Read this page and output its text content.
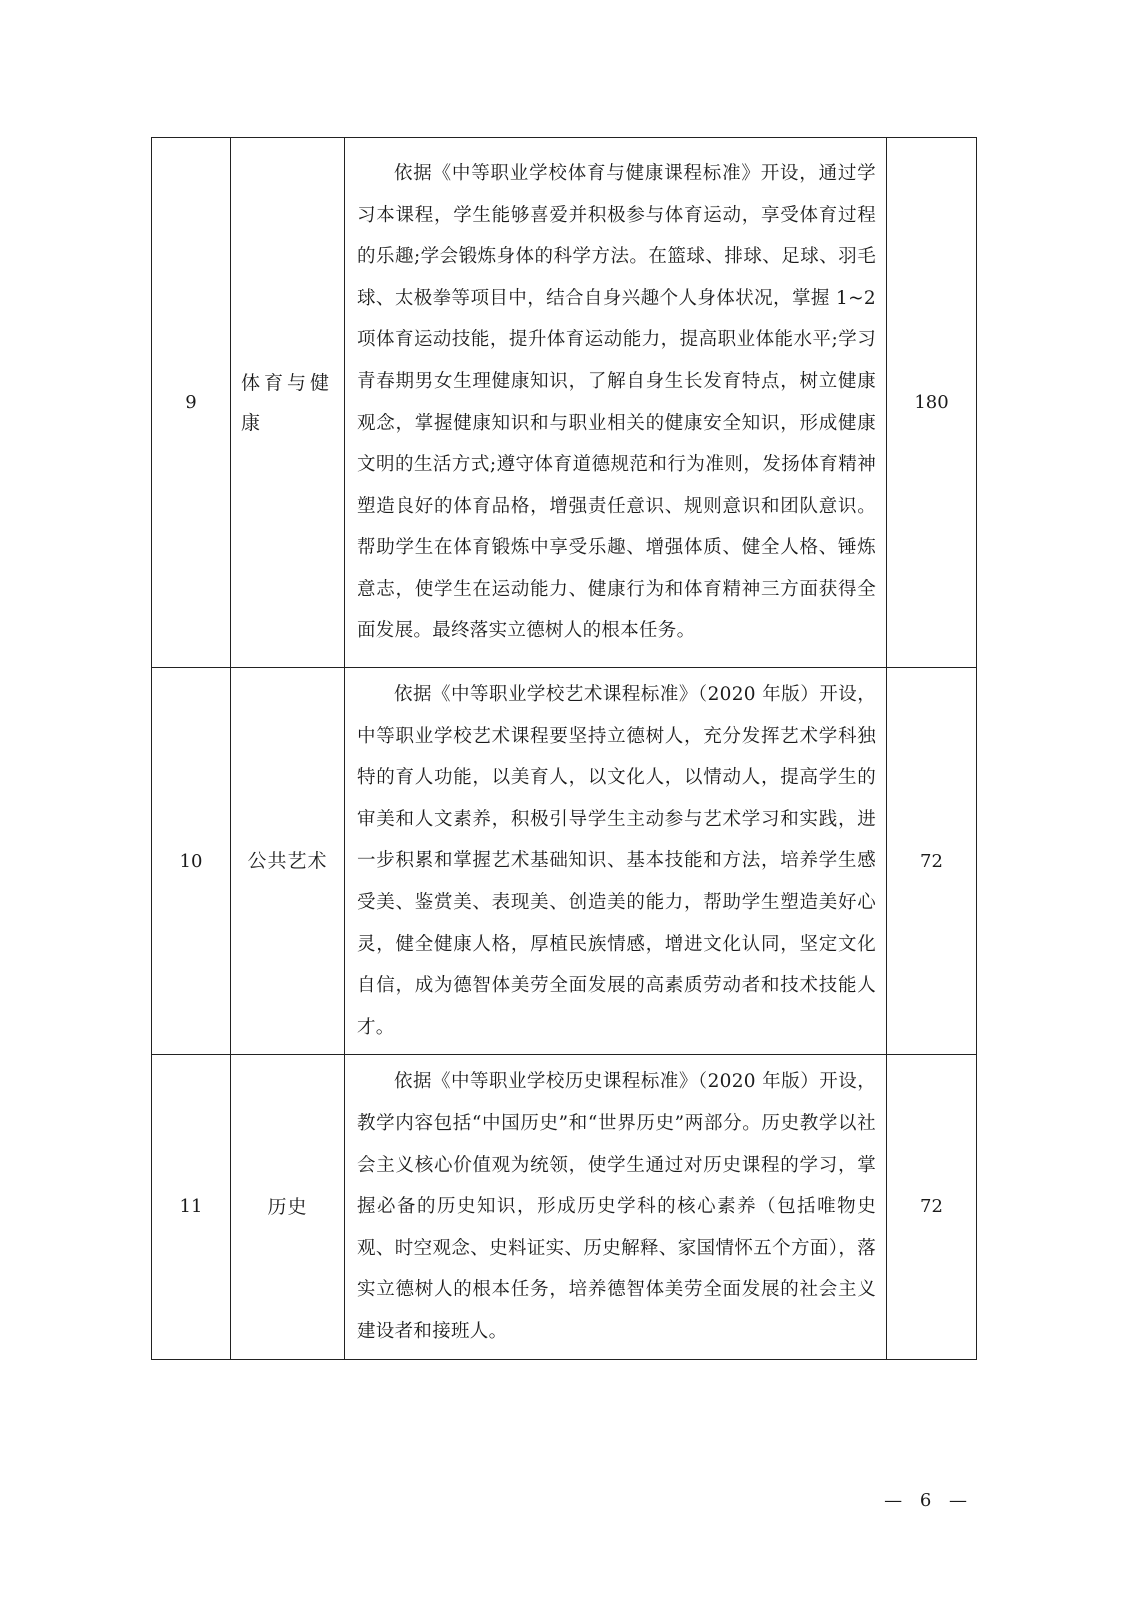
9	体育与健康	依据《中等职业学校体育与健康课程标准》开设，通过学习本课程，学生能够喜爱并积极参与体育运动，享受体育过程的乐趣;学会锻炼身体的科学方法。在篮球、排球、足球、羽毛球、太极拳等项目中，结合自身兴趣个人身体状况，掌握 1~2 项体育运动技能，提升体育运动能力，提高职业体能水平;学习青春期男女生理健康知识，了解自身生长发育特点，树立健康观念，掌握健康知识和与职业相关的健康安全知识，形成健康文明的生活方式;遵守体育道德规范和行为准则，发扬体育精神塑造良好的体育品格，增强责任意识、规则意识和团队意识。帮助学生在体育锻炼中享受乐趣、增强体质、健全人格、锤炼意志，使学生在运动能力、健康行为和体育精神三方面获得全面发展。最终落实立德树人的根本任务。	180
10	公共艺术	依据《中等职业学校艺术课程标准》（2020 年版）开设，中等职业学校艺术课程要坚持立德树人，充分发挥艺术学科独特的育人功能，以美育人，以文化人，以情动人，提高学生的审美和人文素养，积极引导学生主动参与艺术学习和实践，进一步积累和掌握艺术基础知识、基本技能和方法，培养学生感受美、鉴赏美、表现美、创造美的能力，帮助学生塑造美好心灵，健全健康人格，厚植民族情感，增进文化认同，坚定文化自信，成为德智体美劳全面发展的高素质劳动者和技术技能人才。	72
11	历史	依据《中等职业学校历史课程标准》（2020 年版）开设，教学内容包括“中国历史”和“世界历史”两部分。历史教学以社会主义核心价值观为统领，使学生通过对历史课程的学习，掌握必备的历史知识，形成历史学科的核心素养（包括唯物史观、时空观念、史料证实、历史解释、家国情怀五个方面），落实立德树人的根本任务，培养德智体美劳全面发展的社会主义建设者和接班人。	72
— 6 —
